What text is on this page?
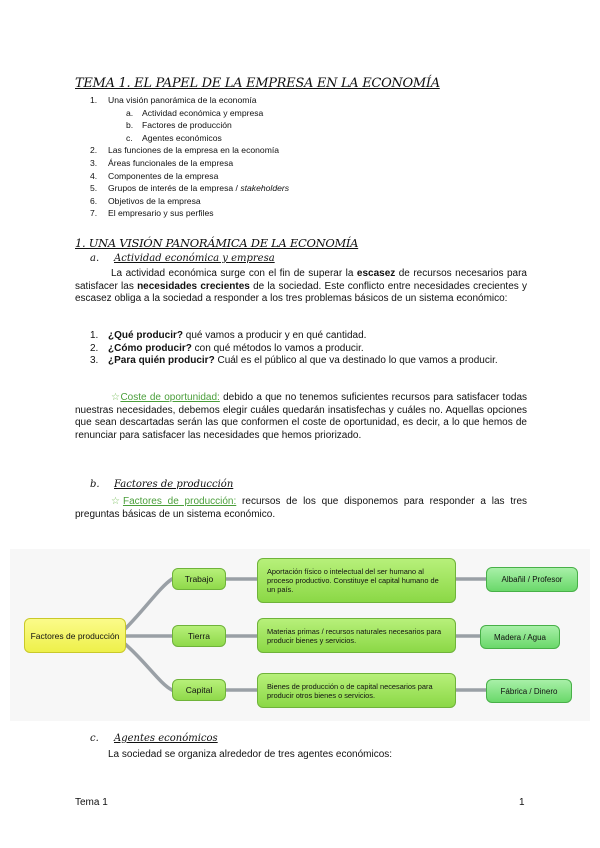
TEMA 1. EL PAPEL DE LA EMPRESA EN LA ECONOMÍA
1. Una visión panorámica de la economía
a. Actividad económica y empresa
b. Factores de producción
c. Agentes económicos
2. Las funciones de la empresa en la economía
3. Áreas funcionales de la empresa
4. Componentes de la empresa
5. Grupos de interés de la empresa / stakeholders
6. Objetivos de la empresa
7. El empresario y sus perfiles
1. UNA VISIÓN PANORÁMICA DE LA ECONOMÍA
a. Actividad económica y empresa
La actividad económica surge con el fin de superar la escasez de recursos necesarios para satisfacer las necesidades crecientes de la sociedad. Este conflicto entre necesidades crecientes y escasez obliga a la sociedad a responder a los tres problemas básicos de un sistema económico:
1. ¿Qué producir? qué vamos a producir y en qué cantidad.
2. ¿Cómo producir? con qué métodos lo vamos a producir.
3. ¿Para quién producir? Cuál es el público al que va destinado lo que vamos a producir.
☆Coste de oportunidad: debido a que no tenemos suficientes recursos para satisfacer todas nuestras necesidades, debemos elegir cuáles quedarán insatisfechas y cuáles no. Aquellas opciones que sean descartadas serán las que conformen el coste de oportunidad, es decir, a lo que hemos de renunciar para satisfacer las necesidades que hemos priorizado.
b. Factores de producción
☆Factores de producción: recursos de los que disponemos para responder a las tres preguntas básicas de un sistema económico.
Factores de producción
Trabajo
Tierra
Capital
Aportación físico o intelectual del ser humano al proceso productivo. Constituye el capital humano de un país.
Materias primas / recursos naturales necesarios para producir bienes y servicios.
Bienes de producción o de capital necesarios para producir otros bienes o servicios.
Albañil / Profesor
Madera / Agua
Fábrica / Dinero
c. Agentes económicos
La sociedad se organiza alrededor de tres agentes económicos:
Tema 1	1
